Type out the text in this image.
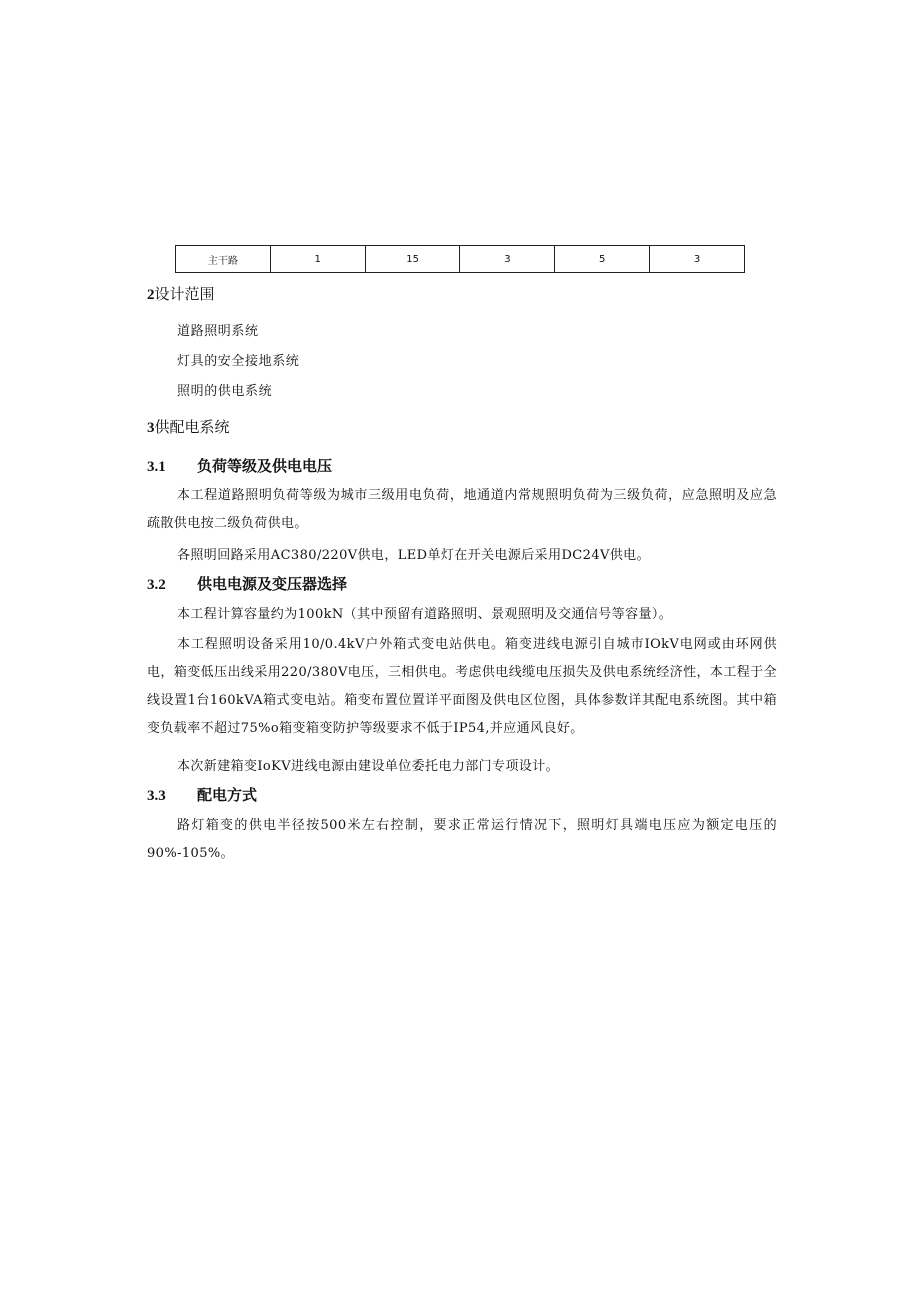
主干路	1	15	3	5	3
2设计范围

道路照明系统

灯具的安全接地系统

照明的供电系统

3供配电系统
3.1 负荷等级及供电电压

本工程道路照明负荷等级为城市三级用电负荷，地通道内常规照明负荷为三级负荷，应急照明及应急疏散供电按二级负荷供电。

各照明回路采用AC380/220V供电，LED单灯在开关电源后采用DC24V供电。

3.2 供电电源及变压器选择

本工程计算容量约为100kN（其中预留有道路照明、景观照明及交通信号等容量）。

本工程照明设备采用10/0.4kV户外箱式变电站供电。箱变进线电源引自城市IOkV电网或由环网供电，箱变低压出线采用220/380V电压，三相供电。考虑供电线缆电压损失及供电系统经济性，本工程于全线设置1台160kVA箱式变电站。箱变布置位置详平面图及供电区位图，具体参数详其配电系统图。其中箱变负载率不超过75%o箱变箱变防护等级要求不低于IP54,并应通风良好。

本次新建箱变IoKV进线电源由建设单位委托电力部门专项设计。

3.3 配电方式

路灯箱变的供电半径按500米左右控制，要求正常运行情况下，照明灯具端电压应为额定电压的90%-105%。
